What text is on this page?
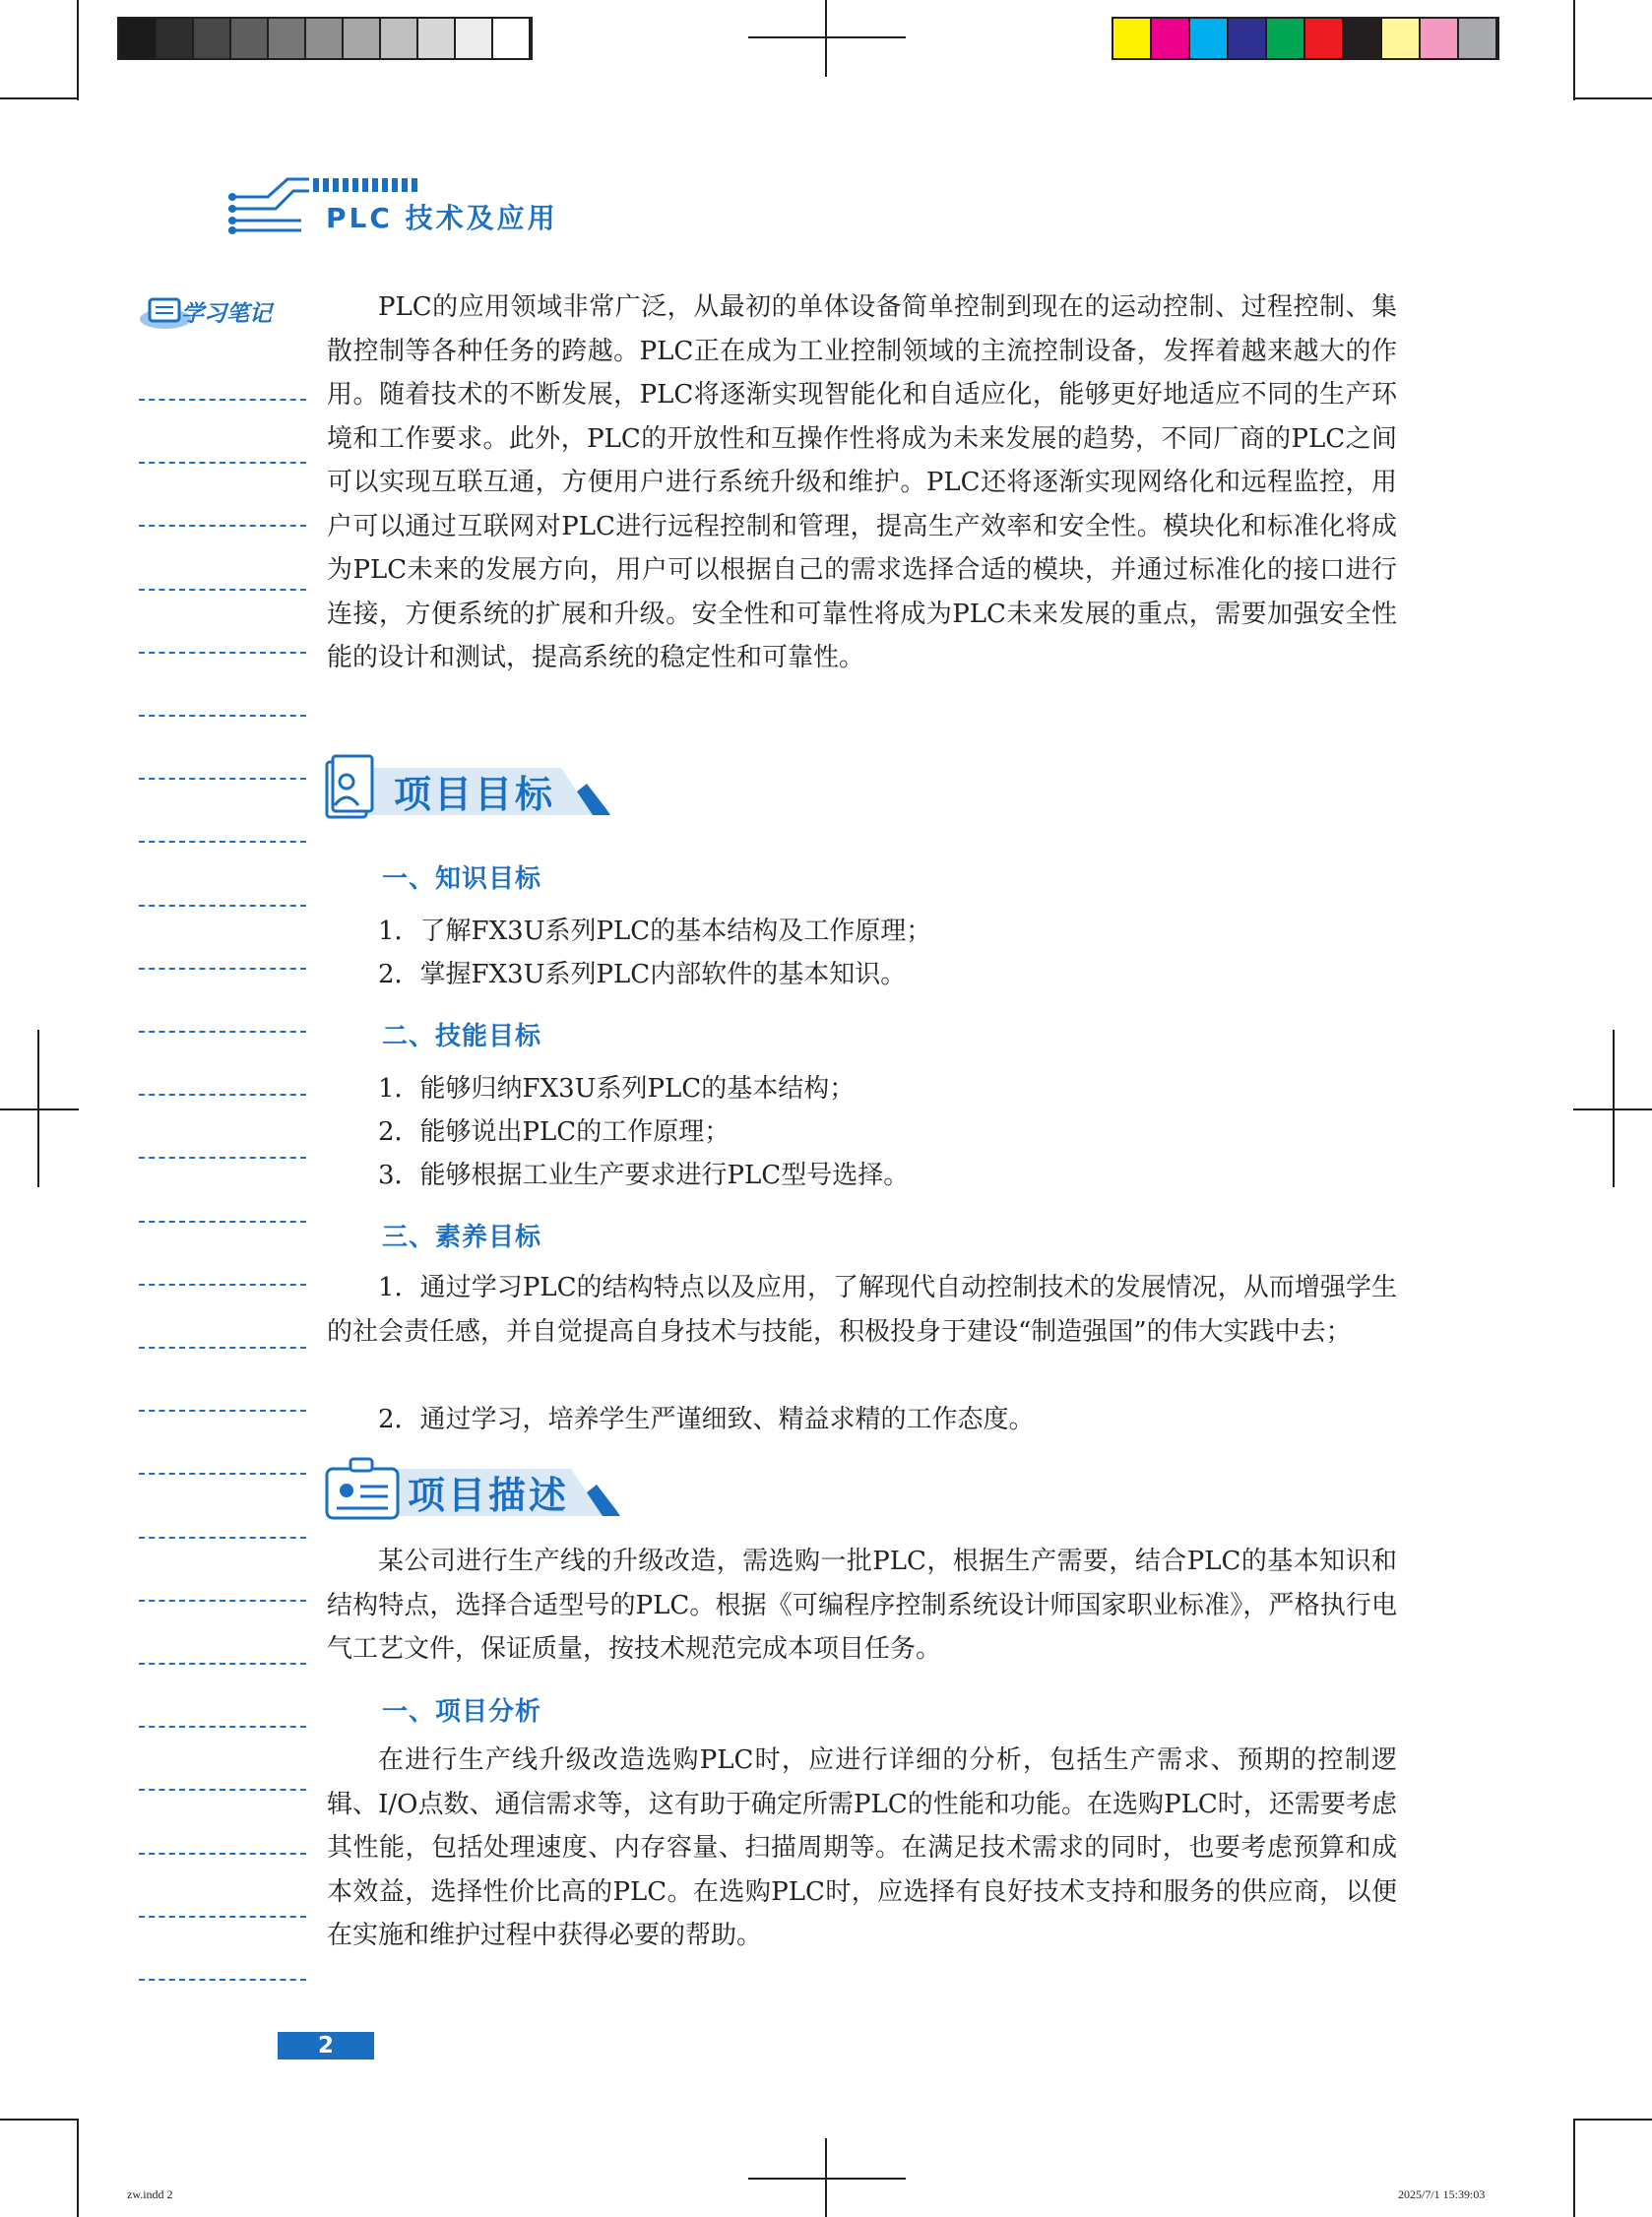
PLC 技术及应用
学习笔记	PLC的应用领域非常广泛，从最初的单体设备简单控制到现在的运动控制、过程控制、集散控制等各种任务的跨越。PLC正在成为工业控制领域的主流控制设备，发挥着越来越大的作用。随着技术的不断发展，PLC将逐渐实现智能化和自适应化，能够更好地适应不同的生产环境和工作要求。此外，PLC的开放性和互操作性将成为未来发展的趋势，不同厂商的PLC之间可以实现互联互通，方便用户进行系统升级和维护。PLC还将逐渐实现网络化和远程监控，用户可以通过互联网对PLC进行远程控制和管理，提高生产效率和安全性。模块化和标准化将成为PLC未来的发展方向，用户可以根据自己的需求选择合适的模块，并通过标准化的接口进行连接，方便系统的扩展和升级。安全性和可靠性将成为PLC未来发展的重点，需要加强安全性能的设计和测试，提高系统的稳定性和可靠性。
项目目标
一、知识目标
1．了解FX3U系列PLC的基本结构及工作原理；
2．掌握FX3U系列PLC内部软件的基本知识。
二、技能目标
1．能够归纳FX3U系列PLC的基本结构；
2．能够说出PLC的工作原理；
3．能够根据工业生产要求进行PLC型号选择。
三、素养目标
1．通过学习PLC的结构特点以及应用，了解现代自动控制技术的发展情况，从而增强学生的社会责任感，并自觉提高自身技术与技能，积极投身于建设“制造强国”的伟大实践中去；
2．通过学习，培养学生严谨细致、精益求精的工作态度。
项目描述
某公司进行生产线的升级改造，需选购一批PLC，根据生产需要，结合PLC的基本知识和结构特点，选择合适型号的PLC。根据《可编程序控制系统设计师国家职业标准》，严格执行电气工艺文件，保证质量，按技术规范完成本项目任务。
一、项目分析
在进行生产线升级改造选购PLC时，应进行详细的分析，包括生产需求、预期的控制逻辑、I/O点数、通信需求等，这有助于确定所需PLC的性能和功能。在选购PLC时，还需要考虑其性能，包括处理速度、内存容量、扫描周期等。在满足技术需求的同时，也要考虑预算和成本效益，选择性价比高的PLC。在选购PLC时，应选择有良好技术支持和服务的供应商，以便在实施和维护过程中获得必要的帮助。
2
zw.indd 2	2025/7/1 15:39:03
